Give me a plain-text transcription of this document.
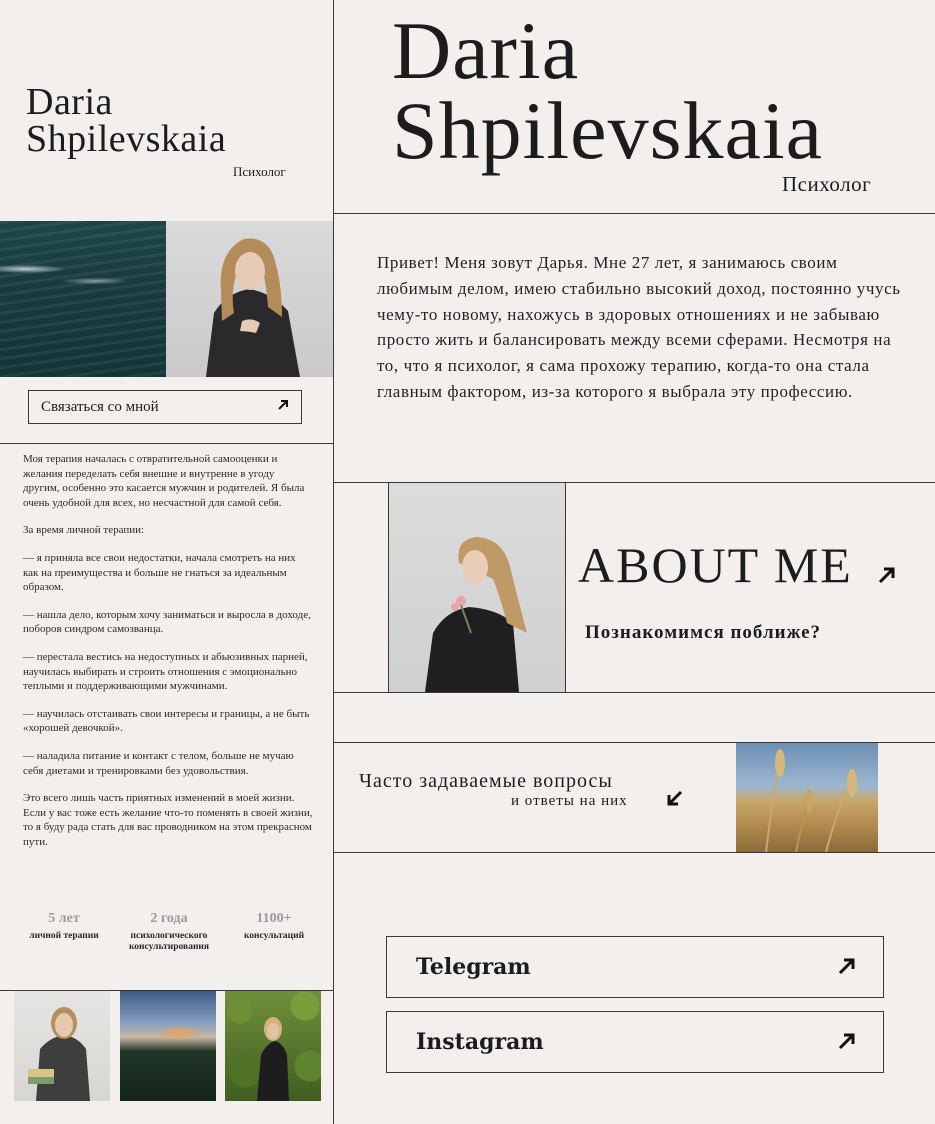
Daria
Shpilevskaia
Психолог
Связаться со мной

Моя терапия началась с отвратительной самооценки и желания переделать себя внешне и внутренне в угоду другим, особенно это касается мужчин и родителей. Я была очень удобной для всех, но несчастной для самой себя.

За время личной терапии:

— я приняла все свои недостатки, начала смотреть на них как на преимущества и больше не гнаться за идеальным образом.

— нашла дело, которым хочу заниматься и выросла в доходе, поборов синдром самозванца.

— перестала вестись на недоступных и абьюзивных парней, научилась выбирать и строить отношения с эмоционально теплыми и поддерживающими мужчинами.

— научилась отстаивать свои интересы и границы, а не быть «хорошей девочкой».

— наладила питание и контакт с телом, больше не мучаю себя диетами и тренировками без удовольствия.

Это всего лишь часть приятных изменений в моей жизни. Если у вас тоже есть желание что-то поменять в своей жизни, то я буду рада стать для вас проводником на этом прекрасном пути.

5 лет
личной терапии
2 года
психологического консультирования
1100+
консультаций
Daria
Shpilevskaia
Психолог
Привет! Меня зовут Дарья. Мне 27 лет, я занимаюсь своим любимым делом, имею стабильно высокий доход, постоянно учусь чему-то новому, нахожусь в здоровых отношениях и не забываю просто жить и балансировать между всеми сферами. Несмотря на то, что я психолог, я сама прохожу терапию, когда-то она стала главным фактором, из-за которого я выбрала эту профессию.
ABOUT ME
Познакомимся поближе?
Часто задаваемые вопросы
и ответы на них
Telegram
Instagram
